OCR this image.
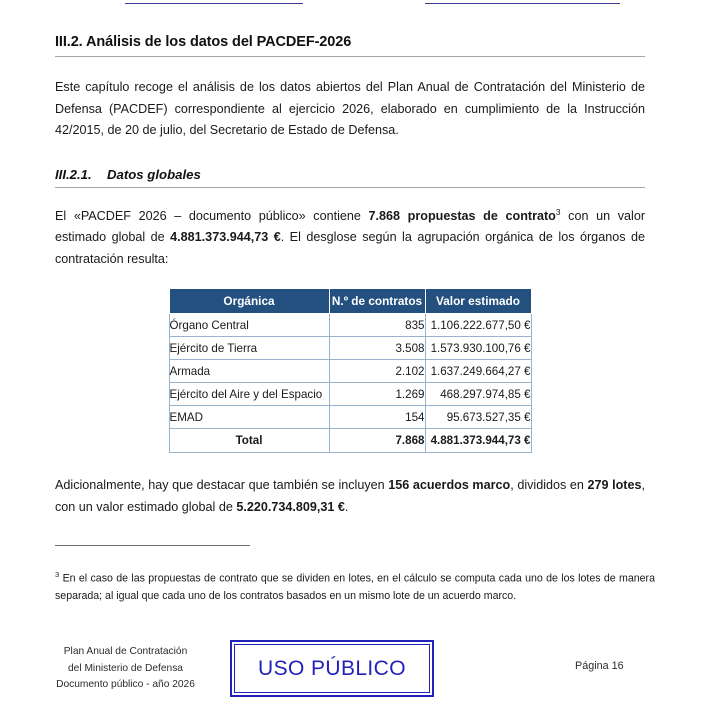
III.2. Análisis de los datos del PACDEF-2026

Este capítulo recoge el análisis de los datos abiertos del Plan Anual de Contratación del Ministerio de Defensa (PACDEF) correspondiente al ejercicio 2026, elaborado en cumplimiento de la Instrucción 42/2015, de 20 de julio, del Secretario de Estado de Defensa.

III.2.1. Datos globales

El «PACDEF 2026 – documento público» contiene 7.868 propuestas de contrato$^3$ con un valor estimado global de 4.881.373.944,73 €. El desglose según la agrupación orgánica de los órganos de contratación resulta:

Orgánica	N.º de contratos	Valor estimado
Órgano Central	835	1.106.222.677,50 €
Ejército de Tierra	3.508	1.573.930.100,76 €
Armada	2.102	1.637.249.664,27 €
Ejército del Aire y del Espacio	1.269	468.297.974,85 €
EMAD	154	95.673.527,35 €
Total	7.868	4.881.373.944,73 €

Adicionalmente, hay que destacar que también se incluyen 156 acuerdos marco, divididos en 279 lotes, con un valor estimado global de 5.220.734.809,31 €.

$^3$ En el caso de las propuestas de contrato que se dividen en lotes, en el cálculo se computa cada uno de los lotes de manera separada; al igual que cada uno de los contratos basados en un mismo lote de un acuerdo marco.
Plan Anual de Contratación
del Ministerio de Defensa
Documento público - año 2026
USO PÚBLICO	Página 16
